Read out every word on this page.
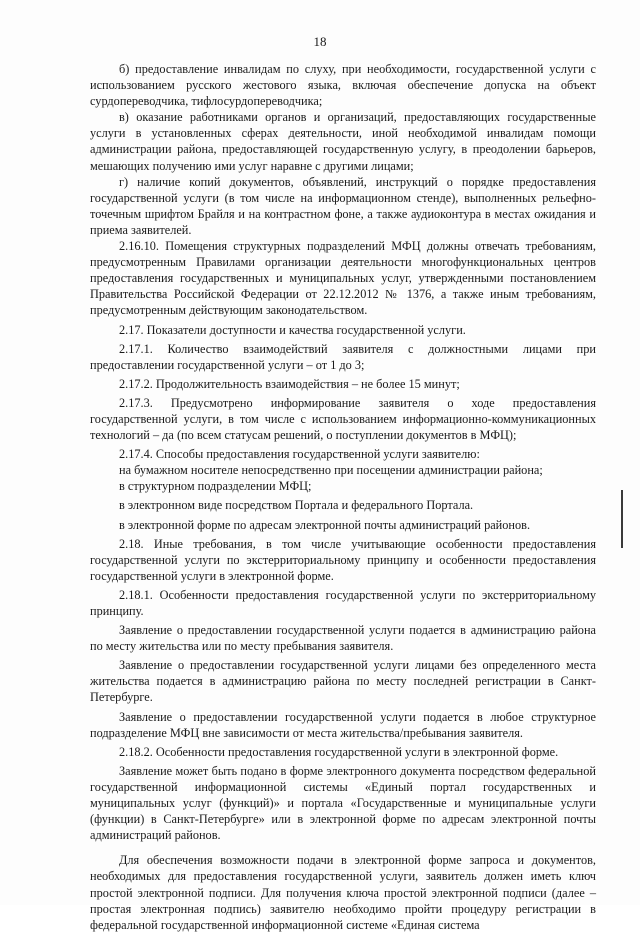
18

б) предоставление инвалидам по слуху, при необходимости, государственной услуги с использованием русского жестового языка, включая обеспечение допуска на объект сурдопереводчика, тифлосурдопереводчика;

в) оказание работниками органов и организаций, предоставляющих государственные услуги в установленных сферах деятельности, иной необходимой инвалидам помощи администрации района, предоставляющей государственную услугу, в преодолении барьеров, мешающих получению ими услуг наравне с другими лицами;

г) наличие копий документов, объявлений, инструкций о порядке предоставления государственной услуги (в том числе на информационном стенде), выполненных рельефно-точечным шрифтом Брайля и на контрастном фоне, а также аудиоконтура в местах ожидания и приема заявителей.

2.16.10. Помещения структурных подразделений МФЦ должны отвечать требованиям, предусмотренным Правилами организации деятельности многофункциональных центров предоставления государственных и муниципальных услуг, утвержденными постановлением Правительства Российской Федерации от 22.12.2012 № 1376, а также иным требованиям, предусмотренным действующим законодательством.

2.17. Показатели доступности и качества государственной услуги.

2.17.1. Количество взаимодействий заявителя с должностными лицами при предоставлении государственной услуги – от 1 до 3;

2.17.2. Продолжительность взаимодействия – не более 15 минут;

2.17.3. Предусмотрено информирование заявителя о ходе предоставления государственной услуги, в том числе с использованием информационно-коммуникационных технологий – да (по всем статусам решений, о поступлении документов в МФЦ);

2.17.4. Способы предоставления государственной услуги заявителю:

на бумажном носителе непосредственно при посещении администрации района;

в структурном подразделении МФЦ;

в электронном виде посредством Портала и федерального Портала.

в электронной форме по адресам электронной почты администраций районов.

2.18. Иные требования, в том числе учитывающие особенности предоставления государственной услуги по экстерриториальному принципу и особенности предоставления государственной услуги в электронной форме.

2.18.1. Особенности предоставления государственной услуги по экстерриториальному принципу.

Заявление о предоставлении государственной услуги подается в администрацию района по месту жительства или по месту пребывания заявителя.

Заявление о предоставлении государственной услуги лицами без определенного места жительства подается в администрацию района по месту последней регистрации в Санкт-Петербурге.

Заявление о предоставлении государственной услуги подается в любое структурное подразделение МФЦ вне зависимости от места жительства/пребывания заявителя.

2.18.2. Особенности предоставления государственной услуги в электронной форме.

Заявление может быть подано в форме электронного документа посредством федеральной государственной информационной системы «Единый портал государственных и муниципальных услуг (функций)» и портала «Государственные и муниципальные услуги (функции) в Санкт-Петербурге» или в электронной форме по адресам электронной почты администраций районов.

Для обеспечения возможности подачи в электронной форме запроса и документов, необходимых для предоставления государственной услуги, заявитель должен иметь ключ простой электронной подписи. Для получения ключа простой электронной подписи (далее – простая электронная подпись) заявителю необходимо пройти процедуру регистрации в федеральной государственной информационной системе «Единая система
